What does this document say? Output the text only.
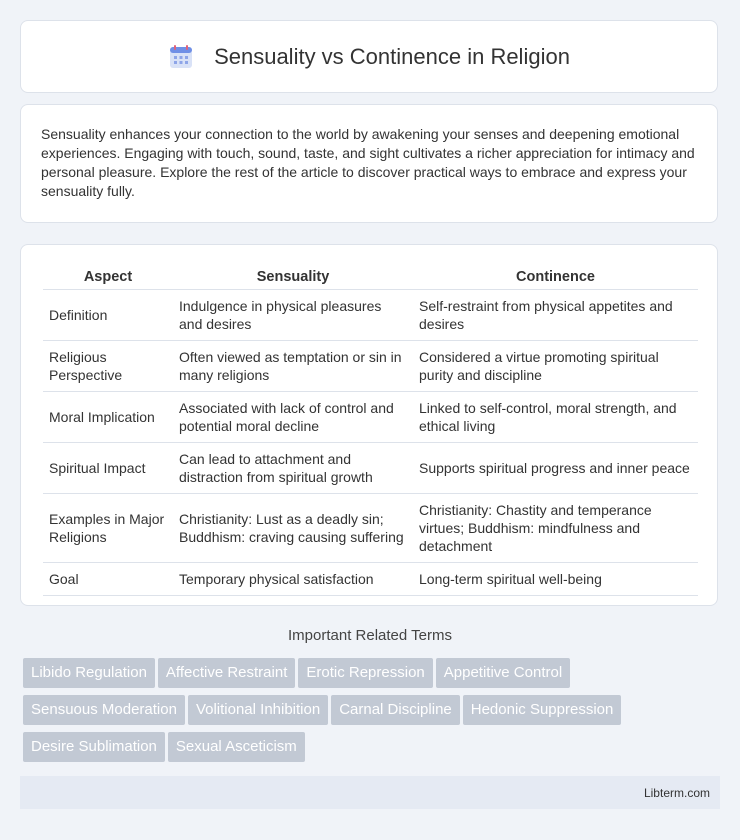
Sensuality vs Continence in Religion

Sensuality enhances your connection to the world by awakening your senses and deepening emotional experiences. Engaging with touch, sound, taste, and sight cultivates a richer appreciation for intimacy and personal pleasure. Explore the rest of the article to discover practical ways to embrace and express your sensuality fully.

Aspect	Sensuality	Continence
Definition	Indulgence in physical pleasures and desires	Self-restraint from physical appetites and desires
Religious Perspective	Often viewed as temptation or sin in many religions	Considered a virtue promoting spiritual purity and discipline
Moral Implication	Associated with lack of control and potential moral decline	Linked to self-control, moral strength, and ethical living
Spiritual Impact	Can lead to attachment and distraction from spiritual growth	Supports spiritual progress and inner peace
Examples in Major Religions	Christianity: Lust as a deadly sin; Buddhism: craving causing suffering	Christianity: Chastity and temperance virtues; Buddhism: mindfulness and detachment
Goal	Temporary physical satisfaction	Long-term spiritual well-being
Important Related Terms
Libido Regulation Affective Restraint Erotic Repression Appetitive Control
Sensuous Moderation Volitional Inhibition Carnal Discipline Hedonic Suppression
Desire Sublimation Sexual Asceticism
Libterm.com
